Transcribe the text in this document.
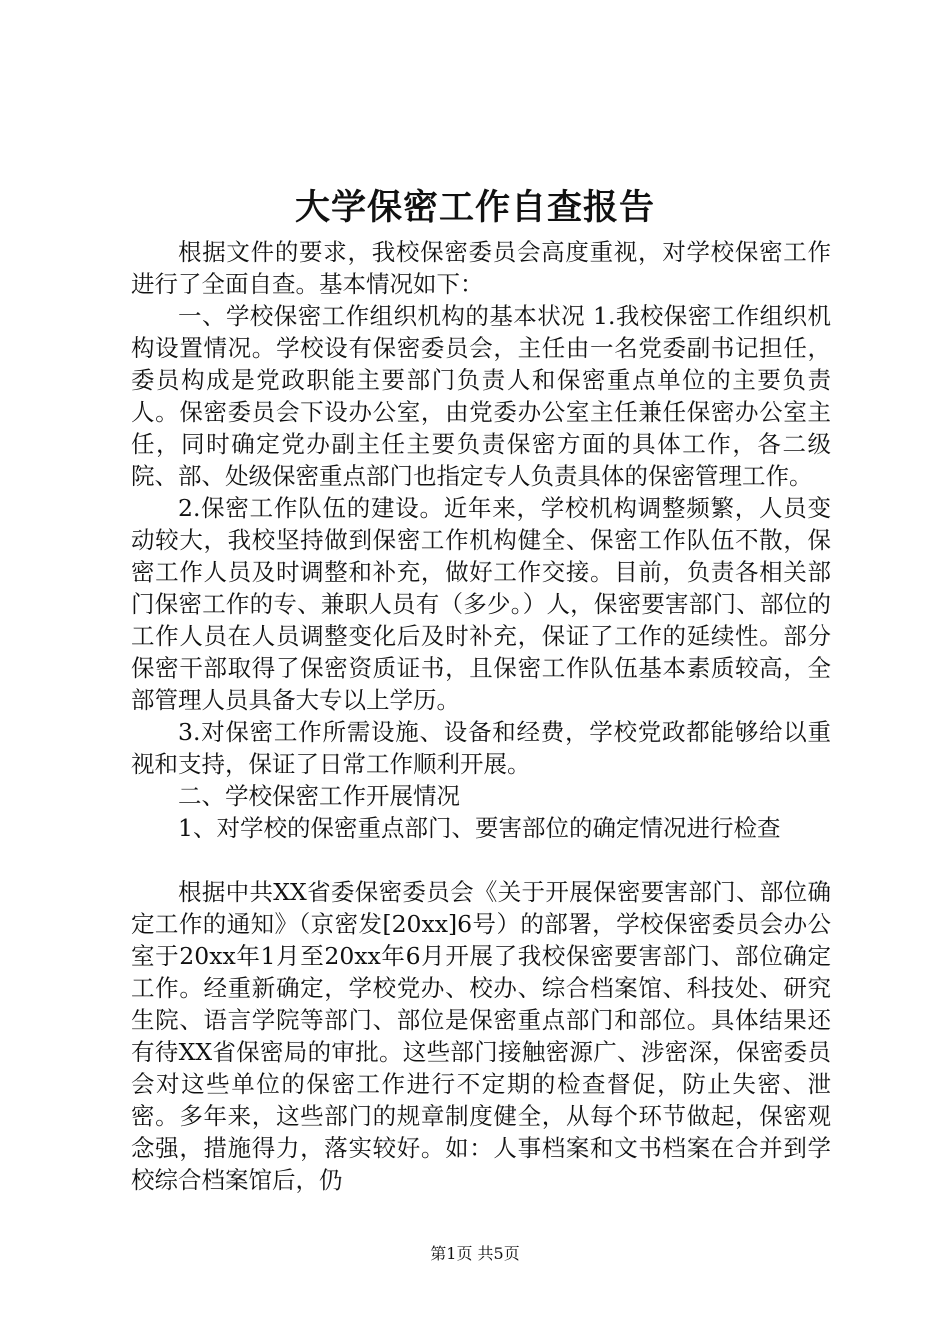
大学保密工作自查报告

根据文件的要求，我校保密委员会高度重视，对学校保密工作进行了全面自查。基本情况如下：

一、学校保密工作组织机构的基本状况 1.我校保密工作组织机构设置情况。学校设有保密委员会，主任由一名党委副书记担任，委员构成是党政职能主要部门负责人和保密重点单位的主要负责人。保密委员会下设办公室，由党委办公室主任兼任保密办公室主任，同时确定党办副主任主要负责保密方面的具体工作，各二级院、部、处级保密重点部门也指定专人负责具体的保密管理工作。

2.保密工作队伍的建设。近年来，学校机构调整频繁，人员变动较大，我校坚持做到保密工作机构健全、保密工作队伍不散，保密工作人员及时调整和补充，做好工作交接。目前，负责各相关部门保密工作的专、兼职人员有（多少。）人，保密要害部门、部位的工作人员在人员调整变化后及时补充，保证了工作的延续性。部分保密干部取得了保密资质证书，且保密工作队伍基本素质较高，全部管理人员具备大专以上学历。

3.对保密工作所需设施、设备和经费，学校党政都能够给以重视和支持，保证了日常工作顺利开展。

二、学校保密工作开展情况

1、对学校的保密重点部门、要害部位的确定情况进行检查

根据中共XX省委保密委员会《关于开展保密要害部门、部位确定工作的通知》（京密发[20xx]6号）的部署，学校保密委员会办公室于20xx年1月至20xx年6月开展了我校保密要害部门、部位确定工作。经重新确定，学校党办、校办、综合档案馆、科技处、研究生院、语言学院等部门、部位是保密重点部门和部位。具体结果还有待XX省保密局的审批。这些部门接触密源广、涉密深，保密委员会对这些单位的保密工作进行不定期的检查督促，防止失密、泄密。多年来，这些部门的规章制度健全，从每个环节做起，保密观念强，措施得力，落实较好。如：人事档案和文书档案在合并到学校综合档案馆后，仍

第1页 共5页
